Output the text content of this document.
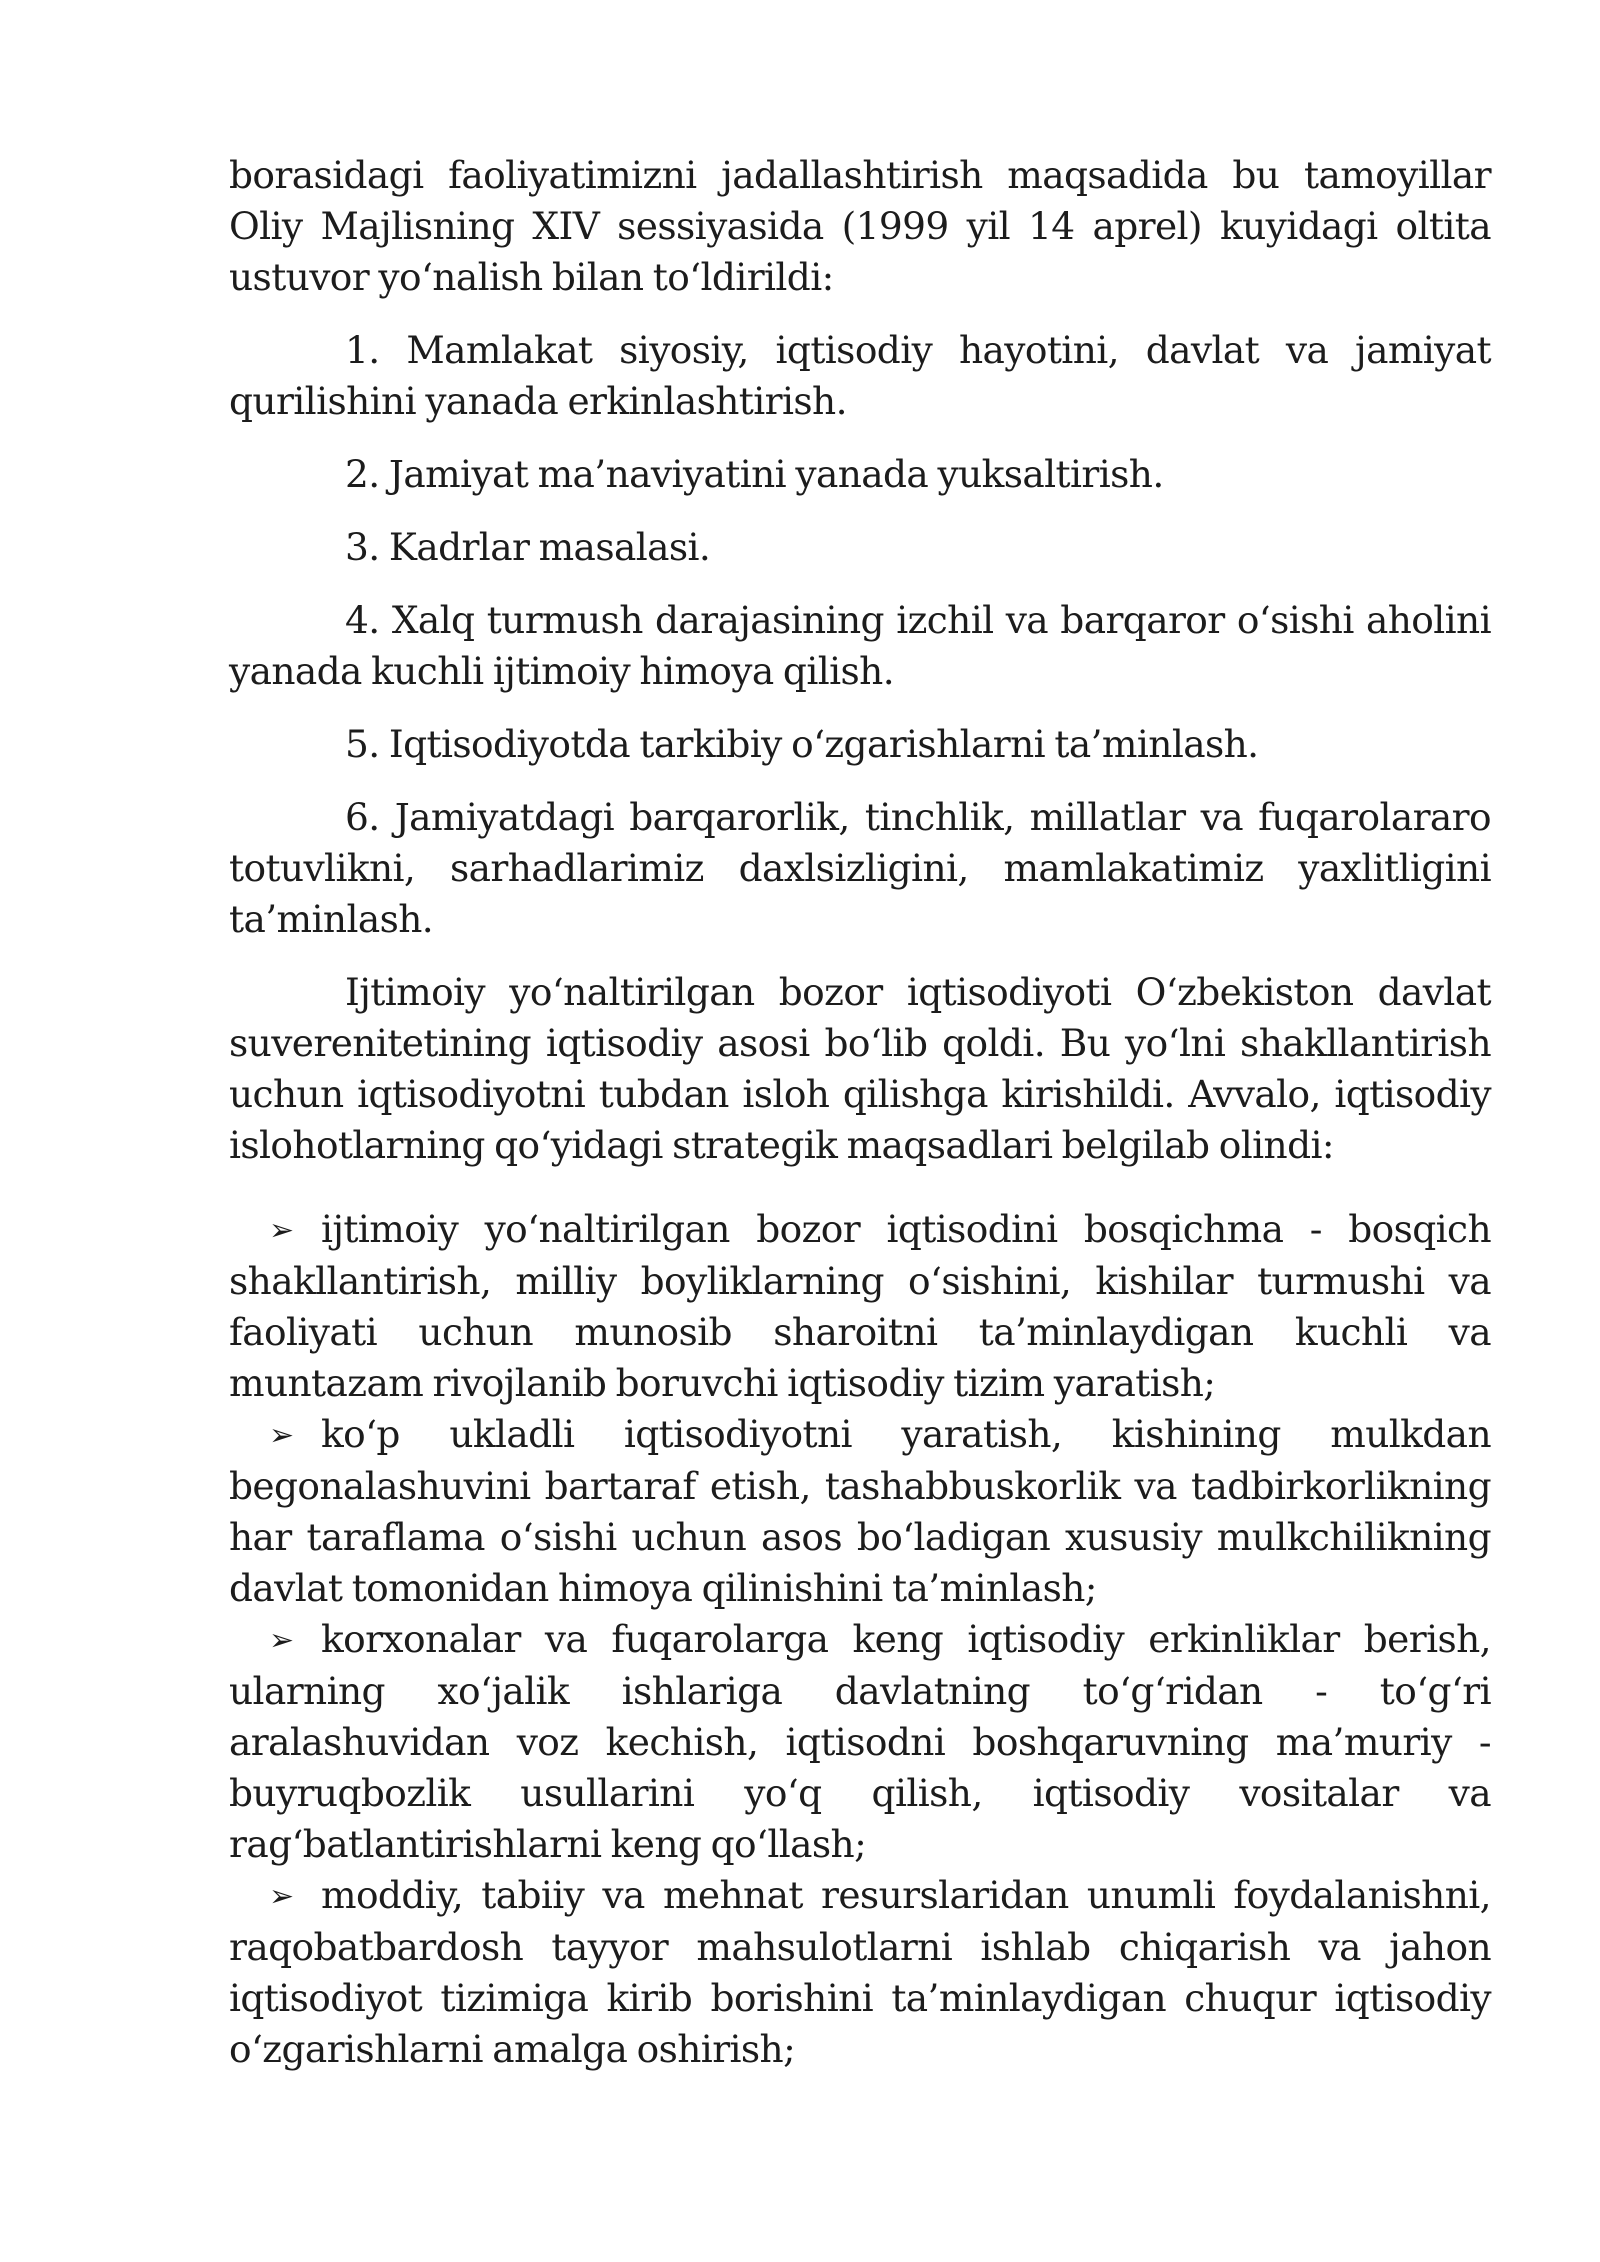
borasidagi faoliyatimizni jadallashtirish maqsadida bu tamoyillar Oliy Majlisning XIV sessiyasida (1999 yil 14 aprel) kuyidagi oltita ustuvor yo‘nalish bilan to‘ldirildi:

1. Mamlakat siyosiy, iqtisodiy hayotini, davlat va jamiyat qurilishini yanada erkinlashtirish.

2. Jamiyat ma’naviyatini yanada yuksaltirish.

3. Kadrlar masalasi.

4. Xalq turmush darajasining izchil va barqaror o‘sishi aholini yanada kuchli ijtimoiy himoya qilish.

5. Iqtisodiyotda tarkibiy o‘zgarishlarni ta’minlash.

6. Jamiyatdagi barqarorlik, tinchlik, millatlar va fuqarolararo totuvlikni, sarhadlarimiz daxlsizligini, mamlakatimiz yaxlitligini ta’minlash.

Ijtimoiy yo‘naltirilgan bozor iqtisodiyoti O‘zbekiston davlat suverenitetining iqtisodiy asosi bo‘lib qoldi. Bu yo‘lni shakllantirish uchun iqtisodiyotni tubdan isloh qilishga kirishildi. Avvalo, iqtisodiy islohotlarning qo‘yidagi strategik maqsadlari belgilab olindi:

➢ ijtimoiy yo‘naltirilgan bozor iqtisodini bosqichma - bosqich shakllantirish, milliy boyliklarning o‘sishini, kishilar turmushi va faoliyati uchun munosib sharoitni ta’minlaydigan kuchli va muntazam rivojlanib boruvchi iqtisodiy tizim yaratish;
➢ ko‘p ukladli iqtisodiyotni yaratish, kishining mulkdan begonalashuvini bartaraf etish, tashabbuskorlik va tadbirkorlikning har taraflama o‘sishi uchun asos bo‘ladigan xususiy mulkchilikning davlat tomonidan himoya qilinishini ta’minlash;
➢ korxonalar va fuqarolarga keng iqtisodiy erkinliklar berish, ularning xo‘jalik ishlariga davlatning to‘g‘ridan - to‘g‘ri aralashuvidan voz kechish, iqtisodni boshqaruvning ma’muriy - buyruqbozlik usullarini yo‘q qilish, iqtisodiy vositalar va rag‘batlantirishlarni keng qo‘llash;
➢ moddiy, tabiiy va mehnat resurslaridan unumli foydalanishni, raqobatbardosh tayyor mahsulotlarni ishlab chiqarish va jahon iqtisodiyot tizimiga kirib borishini ta’minlaydigan chuqur iqtisodiy o‘zgarishlarni amalga oshirish;
